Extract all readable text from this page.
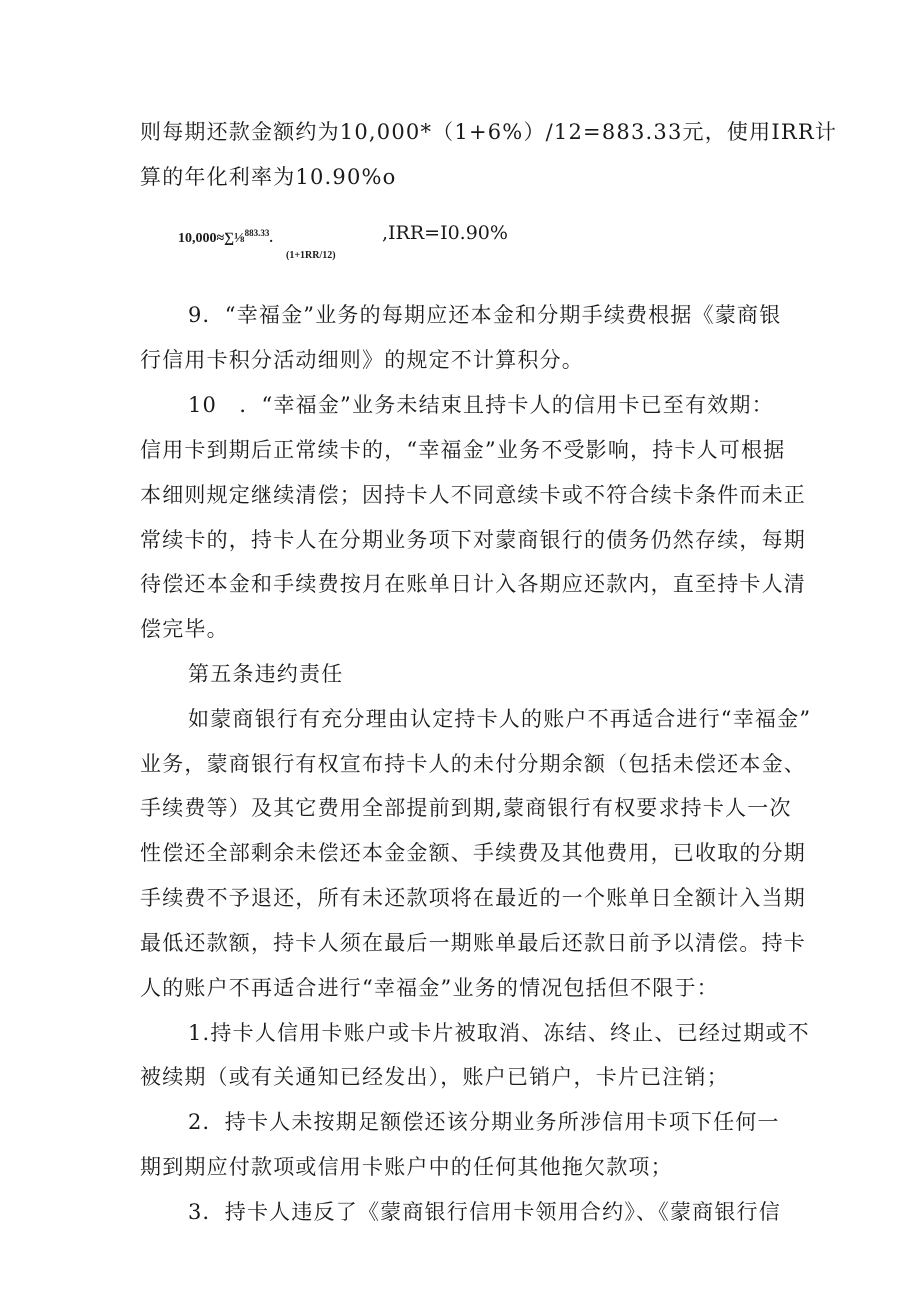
则每期还款金额约为10,000*（1+6%）/12=883.33元，使用IRR计
算的年化利率为10.90%o
10,000≈∑⅛$^{883.33}$.	,IRR=I0.90%
(1+1RR/12)
9．“幸福金”业务的每期应还本金和分期手续费根据《蒙商银
行信用卡积分活动细则》的规定不计算积分。
10　．“幸福金”业务未结束且持卡人的信用卡已至有效期：
信用卡到期后正常续卡的，“幸福金”业务不受影响，持卡人可根据
本细则规定继续清偿；因持卡人不同意续卡或不符合续卡条件而未正
常续卡的，持卡人在分期业务项下对蒙商银行的债务仍然存续，每期
待偿还本金和手续费按月在账单日计入各期应还款内，直至持卡人清
偿完毕。
第五条违约责任
如蒙商银行有充分理由认定持卡人的账户不再适合进行“幸福金”
业务，蒙商银行有权宣布持卡人的未付分期余额（包括未偿还本金、
手续费等）及其它费用全部提前到期,蒙商银行有权要求持卡人一次
性偿还全部剩余未偿还本金金额、手续费及其他费用，已收取的分期
手续费不予退还，所有未还款项将在最近的一个账单日全额计入当期
最低还款额，持卡人须在最后一期账单最后还款日前予以清偿。持卡
人的账户不再适合进行“幸福金”业务的情况包括但不限于：
1.持卡人信用卡账户或卡片被取消、冻结、终止、已经过期或不
被续期（或有关通知已经发出），账户已销户，卡片已注销；
2．持卡人未按期足额偿还该分期业务所涉信用卡项下任何一
期到期应付款项或信用卡账户中的任何其他拖欠款项；
3．持卡人违反了《蒙商银行信用卡领用合约》、《蒙商银行信
